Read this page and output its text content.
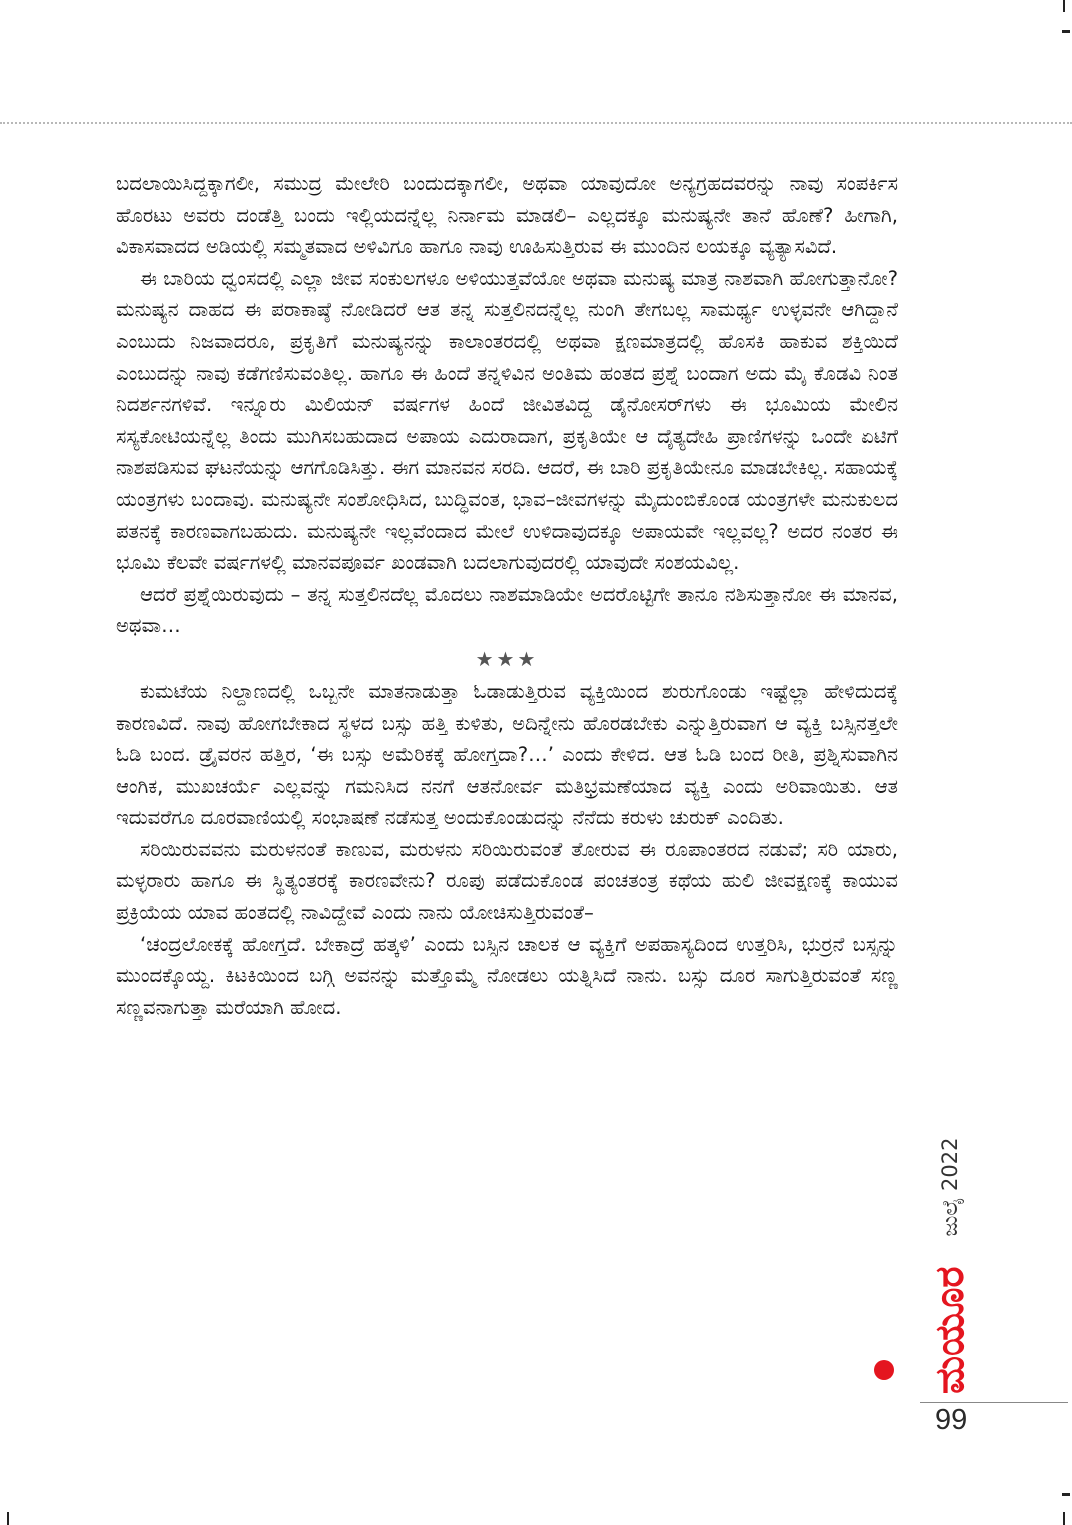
ಬದಲಾಯಿಸಿದ್ದಕ್ಕಾಗಲೀ, ಸಮುದ್ರ ಮೇಲೇರಿ ಬಂದುದಕ್ಕಾಗಲೀ, ಅಥವಾ ಯಾವುದೋ ಅನ್ಯಗ್ರಹದವರನ್ನು ನಾವು ಸಂಪರ್ಕಿಸ ಹೊರಟು ಅವರು ದಂಡೆತ್ತಿ ಬಂದು ಇಲ್ಲಿಯದನ್ನೆಲ್ಲ ನಿರ್ನಾಮ ಮಾಡಲಿ– ಎಲ್ಲದಕ್ಕೂ ಮನುಷ್ಯನೇ ತಾನೆ ಹೊಣೆ? ಹೀಗಾಗಿ, ವಿಕಾಸವಾದದ ಅಡಿಯಲ್ಲಿ ಸಮ್ಮತವಾದ ಅಳಿವಿಗೂ ಹಾಗೂ ನಾವು ಊಹಿಸುತ್ತಿರುವ ಈ ಮುಂದಿನ ಲಯಕ್ಕೂ ವ್ಯತ್ಯಾಸವಿದೆ.

ಈ ಬಾರಿಯ ಧ್ವಂಸದಲ್ಲಿ ಎಲ್ಲಾ ಜೀವ ಸಂಕುಲಗಳೂ ಅಳಿಯುತ್ತವೆಯೋ ಅಥವಾ ಮನುಷ್ಯ ಮಾತ್ರ ನಾಶವಾಗಿ ಹೋಗುತ್ತಾನೋ? ಮನುಷ್ಯನ ದಾಹದ ಈ ಪರಾಕಾಷ್ಠೆ ನೋಡಿದರೆ ಆತ ತನ್ನ ಸುತ್ತಲಿನದನ್ನೆಲ್ಲ ನುಂಗಿ ತೇಗಬಲ್ಲ ಸಾಮರ್ಥ್ಯ ಉಳ್ಳವನೇ ಆಗಿದ್ದಾನೆ ಎಂಬುದು ನಿಜವಾದರೂ, ಪ್ರಕೃತಿಗೆ ಮನುಷ್ಯನನ್ನು ಕಾಲಾಂತರದಲ್ಲಿ ಅಥವಾ ಕ್ಷಣಮಾತ್ರದಲ್ಲಿ ಹೊಸಕಿ ಹಾಕುವ ಶಕ್ತಿಯಿದೆ ಎಂಬುದನ್ನು ನಾವು ಕಡೆಗಣಿಸುವಂತಿಲ್ಲ. ಹಾಗೂ ಈ ಹಿಂದೆ ತನ್ನಳಿವಿನ ಅಂತಿಮ ಹಂತದ ಪ್ರಶ್ನೆ ಬಂದಾಗ ಅದು ಮೈ ಕೊಡವಿ ನಿಂತ ನಿದರ್ಶನಗಳಿವೆ. ಇನ್ನೂರು ಮಿಲಿಯನ್ ವರ್ಷಗಳ ಹಿಂದೆ ಜೀವಿತವಿದ್ದ ಡೈನೋಸರ್‌ಗಳು ಈ ಭೂಮಿಯ ಮೇಲಿನ ಸಸ್ಯಕೋಟಿಯನ್ನೆಲ್ಲ ತಿಂದು ಮುಗಿಸಬಹುದಾದ ಅಪಾಯ ಎದುರಾದಾಗ, ಪ್ರಕೃತಿಯೇ ಆ ದೈತ್ಯದೇಹಿ ಪ್ರಾಣಿಗಳನ್ನು ಒಂದೇ ಏಟಿಗೆ ನಾಶಪಡಿಸುವ ಘಟನೆಯನ್ನು ಆಗಗೊಡಿಸಿತ್ತು. ಈಗ ಮಾನವನ ಸರದಿ. ಆದರೆ, ಈ ಬಾರಿ ಪ್ರಕೃತಿಯೇನೂ ಮಾಡಬೇಕಿಲ್ಲ. ಸಹಾಯಕ್ಕೆ ಯಂತ್ರಗಳು ಬಂದಾವು. ಮನುಷ್ಯನೇ ಸಂಶೋಧಿಸಿದ, ಬುದ್ಧಿವಂತ, ಭಾವ–ಜೀವಗಳನ್ನು ಮೈದುಂಬಿಕೊಂಡ ಯಂತ್ರಗಳೇ ಮನುಕುಲದ ಪತನಕ್ಕೆ ಕಾರಣವಾಗಬಹುದು. ಮನುಷ್ಯನೇ ಇಲ್ಲವೆಂದಾದ ಮೇಲೆ ಉಳಿದಾವುದಕ್ಕೂ ಅಪಾಯವೇ ಇಲ್ಲವಲ್ಲ? ಅದರ ನಂತರ ಈ ಭೂಮಿ ಕೆಲವೇ ವರ್ಷಗಳಲ್ಲಿ ಮಾನವಪೂರ್ವ ಖಂಡವಾಗಿ ಬದಲಾಗುವುದರಲ್ಲಿ ಯಾವುದೇ ಸಂಶಯವಿಲ್ಲ.

ಆದರೆ ಪ್ರಶ್ನೆಯಿರುವುದು – ತನ್ನ ಸುತ್ತಲಿನದೆಲ್ಲ ಮೊದಲು ನಾಶಮಾಡಿಯೇ ಅದರೊಟ್ಟಿಗೇ ತಾನೂ ನಶಿಸುತ್ತಾನೋ ಈ ಮಾನವ, ಅಥವಾ…

★★★

ಕುಮಟೆಯ ನಿಲ್ದಾಣದಲ್ಲಿ ಒಬ್ಬನೇ ಮಾತನಾಡುತ್ತಾ ಓಡಾಡುತ್ತಿರುವ ವ್ಯಕ್ತಿಯಿಂದ ಶುರುಗೊಂಡು ಇಷ್ಟೆಲ್ಲಾ ಹೇಳಿದುದಕ್ಕೆ ಕಾರಣವಿದೆ. ನಾವು ಹೋಗಬೇಕಾದ ಸ್ಥಳದ ಬಸ್ಸು ಹತ್ತಿ ಕುಳಿತು, ಅದಿನ್ನೇನು ಹೊರಡಬೇಕು ಎನ್ನುತ್ತಿರುವಾಗ ಆ ವ್ಯಕ್ತಿ ಬಸ್ಸಿನತ್ತಲೇ ಓಡಿ ಬಂದ. ಡ್ರೈವರನ ಹತ್ತಿರ, ‘ಈ ಬಸ್ಸು ಅಮೆರಿಕಕ್ಕೆ ಹೋಗ್ತದಾ?…’ ಎಂದು ಕೇಳಿದ. ಆತ ಓಡಿ ಬಂದ ರೀತಿ, ಪ್ರಶ್ನಿಸುವಾಗಿನ ಆಂಗಿಕ, ಮುಖಚರ್ಯೆ ಎಲ್ಲವನ್ನು ಗಮನಿಸಿದ ನನಗೆ ಆತನೋರ್ವ ಮತಿಭ್ರಮಣೆಯಾದ ವ್ಯಕ್ತಿ ಎಂದು ಅರಿವಾಯಿತು. ಆತ ಇದುವರೆಗೂ ದೂರವಾಣಿಯಲ್ಲಿ ಸಂಭಾಷಣೆ ನಡೆಸುತ್ತ ಅಂದುಕೊಂಡುದನ್ನು ನೆನೆದು ಕರುಳು ಚುರುಕ್ ಎಂದಿತು.

ಸರಿಯಿರುವವನು ಮರುಳನಂತೆ ಕಾಣುವ, ಮರುಳನು ಸರಿಯಿರುವಂತೆ ತೋರುವ ಈ ರೂಪಾಂತರದ ನಡುವೆ; ಸರಿ ಯಾರು, ಮಳ್ಳರಾರು ಹಾಗೂ ಈ ಸ್ಥಿತ್ಯಂತರಕ್ಕೆ ಕಾರಣವೇನು? ರೂಪು ಪಡೆದುಕೊಂಡ ಪಂಚತಂತ್ರ ಕಥೆಯ ಹುಲಿ ಜೀವಕ್ಷಣಕ್ಕೆ ಕಾಯುವ ಪ್ರಕ್ರಿಯೆಯ ಯಾವ ಹಂತದಲ್ಲಿ ನಾವಿದ್ದೇವೆ ಎಂದು ನಾನು ಯೋಚಿಸುತ್ತಿರುವಂತೆ–

‘ಚಂದ್ರಲೋಕಕ್ಕೆ ಹೋಗ್ತದೆ. ಬೇಕಾದ್ರೆ ಹತ್ಕಳಿ’ ಎಂದು ಬಸ್ಸಿನ ಚಾಲಕ ಆ ವ್ಯಕ್ತಿಗೆ ಅಪಹಾಸ್ಯದಿಂದ ಉತ್ತರಿಸಿ, ಭುರ್ರನೆ ಬಸ್ಸನ್ನು ಮುಂದಕ್ಕೊಯ್ದ. ಕಿಟಕಿಯಿಂದ ಬಗ್ಗಿ ಅವನನ್ನು ಮತ್ತೊಮ್ಮೆ ನೋಡಲು ಯತ್ನಿಸಿದೆ ನಾನು. ಬಸ್ಸು ದೂರ ಸಾಗುತ್ತಿರುವಂತೆ ಸಣ್ಣ ಸಣ್ಣವನಾಗುತ್ತಾ ಮರೆಯಾಗಿ ಹೋದ.

ಮಯೂರ
ಜುಲೈ 2022
99
